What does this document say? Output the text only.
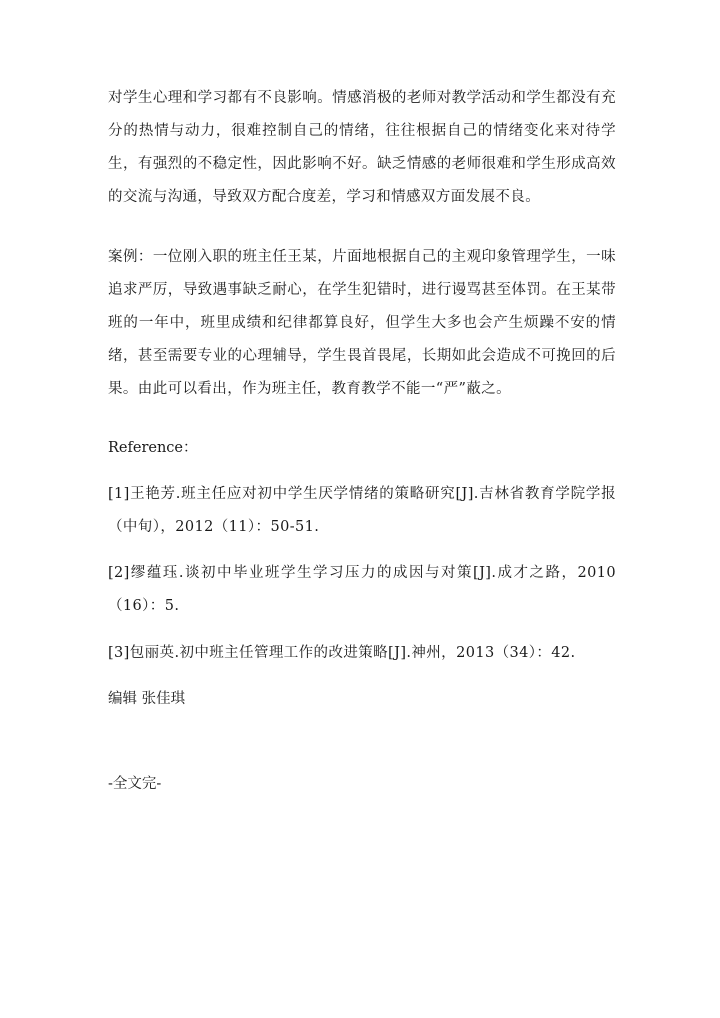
对学生心理和学习都有不良影响。情感消极的老师对教学活动和学生都没有充
分的热情与动力，很难控制自己的情绪，往往根据自己的情绪变化来对待学
生，有强烈的不稳定性，因此影响不好。缺乏情感的老师很难和学生形成高效
的交流与沟通，导致双方配合度差，学习和情感双方面发展不良。
案例：一位刚入职的班主任王某，片面地根据自己的主观印象管理学生，一味
追求严厉，导致遇事缺乏耐心，在学生犯错时，进行谩骂甚至体罚。在王某带
班的一年中，班里成绩和纪律都算良好，但学生大多也会产生烦躁不安的情
绪，甚至需要专业的心理辅导，学生畏首畏尾，长期如此会造成不可挽回的后
果。由此可以看出，作为班主任，教育教学不能一“严”蔽之。

Reference：

[1]王艳芳.班主任应对初中学生厌学情绪的策略研究[J].吉林省教育学院学报
（中旬），2012（11）：50-51.
[2]缪蕴珏.谈初中毕业班学生学习压力的成因与对策[J].成才之路，2010
（16）：5.
[3]包丽英.初中班主任管理工作的改进策略[J].神州，2013（34）：42.

编辑 张佳琪

-全文完-
